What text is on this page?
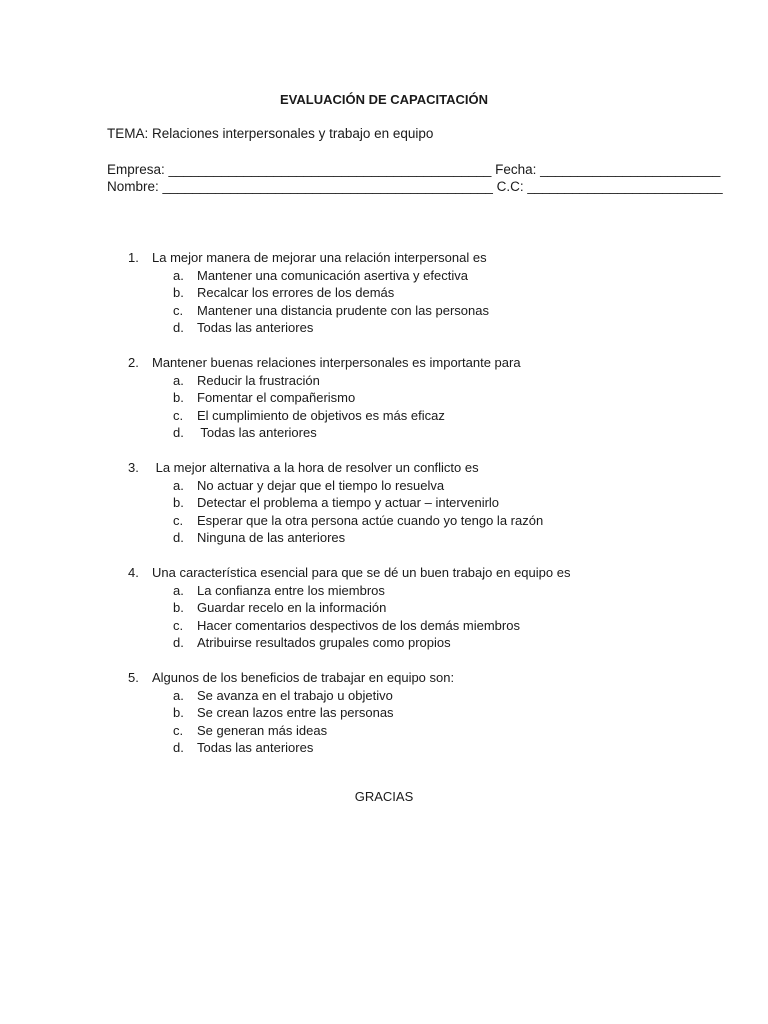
EVALUACIÓN DE CAPACITACIÓN
TEMA: Relaciones interpersonales y trabajo en equipo
Empresa: ___________________________________________ Fecha: ________________________
Nombre: ____________________________________________ C.C: __________________________
1. La mejor manera de mejorar una relación interpersonal es
a. Mantener una comunicación asertiva y efectiva
b. Recalcar los errores de los demás
c. Mantener una distancia prudente con las personas
d. Todas las anteriores
2. Mantener buenas relaciones interpersonales es importante para
a. Reducir la frustración
b. Fomentar el compañerismo
c. El cumplimiento de objetivos es más eficaz
d. Todas las anteriores
3. La mejor alternativa a la hora de resolver un conflicto es
a. No actuar y dejar que el tiempo lo resuelva
b. Detectar el problema a tiempo y actuar – intervenirlo
c. Esperar que la otra persona actúe cuando yo tengo la razón
d. Ninguna de las anteriores
4. Una característica esencial para que se dé un buen trabajo en equipo es
a. La confianza entre los miembros
b. Guardar recelo en la información
c. Hacer comentarios despectivos de los demás miembros
d. Atribuirse resultados grupales como propios
5. Algunos de los beneficios de trabajar en equipo son:
a. Se avanza en el trabajo u objetivo
b. Se crean lazos entre las personas
c. Se generan más ideas
d. Todas las anteriores
GRACIAS
